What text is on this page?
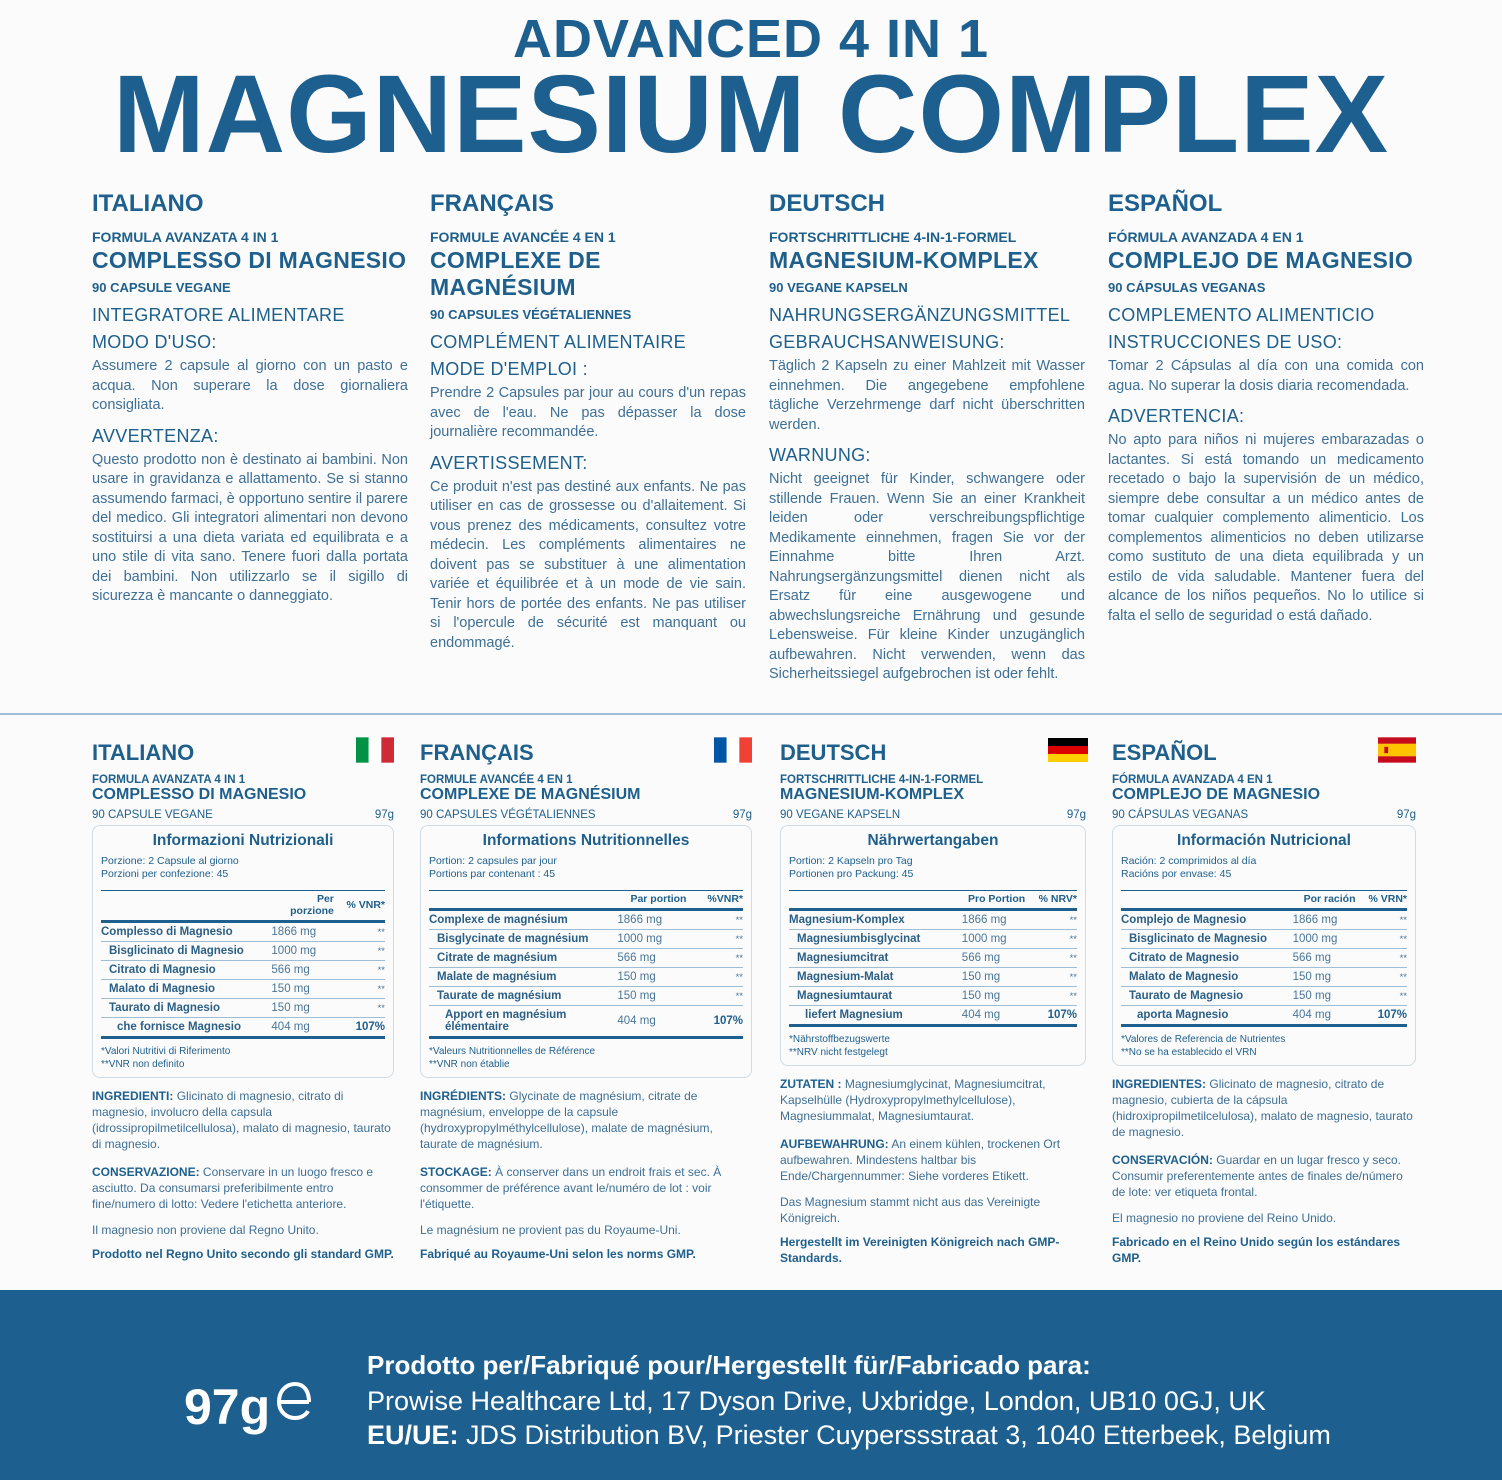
ADVANCED 4 IN 1
MAGNESIUM COMPLEX
ITALIANO
FORMULA AVANZATA 4 IN 1
COMPLESSO DI MAGNESIO
90 CAPSULE VEGANE
INTEGRATORE ALIMENTARE
MODO D'USO:
Assumere 2 capsule al giorno con un pasto e acqua. Non superare la dose giornaliera consigliata.
AVVERTENZA:
Questo prodotto non è destinato ai bambini. Non usare in gravidanza e allattamento. Se si stanno assumendo farmaci, è opportuno sentire il parere del medico. Gli integratori alimentari non devono sostituirsi a una dieta variata ed equilibrata e a uno stile di vita sano. Tenere fuori dalla portata dei bambini. Non utilizzarlo se il sigillo di sicurezza è mancante o danneggiato.
FRANÇAIS
FORMULE AVANCÉE 4 EN 1
COMPLEXE DE MAGNÉSIUM
90 CAPSULES VÉGÉTALIENNES
COMPLÉMENT ALIMENTAIRE
MODE D'EMPLOI :
Prendre 2 Capsules par jour au cours d'un repas avec de l'eau. Ne pas dépasser la dose journalière recommandée.
AVERTISSEMENT:
Ce produit n'est pas destiné aux enfants. Ne pas utiliser en cas de grossesse ou d'allaitement. Si vous prenez des médicaments, consultez votre médecin. Les compléments alimentaires ne doivent pas se substituer à une alimentation variée et équilibrée et à un mode de vie sain. Tenir hors de portée des enfants. Ne pas utiliser si l'opercule de sécurité est manquant ou endommagé.
DEUTSCH
FORTSCHRITTLICHE 4-IN-1-FORMEL
MAGNESIUM-KOMPLEX
90 VEGANE KAPSELN
NAHRUNGSERGÄNZUNGSMITTEL
GEBRAUCHSANWEISUNG:
Täglich 2 Kapseln zu einer Mahlzeit mit Wasser einnehmen. Die angegebene empfohlene tägliche Verzehrmenge darf nicht überschritten werden.
WARNUNG:
Nicht geeignet für Kinder, schwangere oder stillende Frauen. Wenn Sie an einer Krankheit leiden oder verschreibungspflichtige Medikamente einnehmen, fragen Sie vor der Einnahme bitte Ihren Arzt. Nahrungsergänzungsmittel dienen nicht als Ersatz für eine ausgewogene und abwechslungsreiche Ernährung und gesunde Lebensweise. Für kleine Kinder unzugänglich aufbewahren. Nicht verwenden, wenn das Sicherheitssiegel aufgebrochen ist oder fehlt.
ESPAÑOL
FÓRMULA AVANZADA 4 EN 1
COMPLEJO DE MAGNESIO
90 CÁPSULAS VEGANAS
COMPLEMENTO ALIMENTICIO
INSTRUCCIONES DE USO:
Tomar 2 Cápsulas al día con una comida con agua. No superar la dosis diaria recomendada.
ADVERTENCIA:
No apto para niños ni mujeres embarazadas o lactantes. Si está tomando un medicamento recetado o bajo la supervisión de un médico, siempre debe consultar a un médico antes de tomar cualquier complemento alimenticio. Los complementos alimenticios no deben utilizarse como sustituto de una dieta equilibrada y un estilo de vida saludable. Mantener fuera del alcance de los niños pequeños. No lo utilice si falta el sello de seguridad o está dañado.
ITALIANO
FORMULA AVANZATA 4 IN 1
COMPLESSO DI MAGNESIO
90 CAPSULE VEGANE	97g
Informazioni Nutrizionali
Porzione: 2 Capsule al giorno
Porzioni per confezione: 45
	Per porzione	% VNR*
Complesso di Magnesio	1866 mg	**
Bisglicinato di Magnesio	1000 mg	**
Citrato di Magnesio	566 mg	**
Malato di Magnesio	150 mg	**
Taurato di Magnesio	150 mg	**
che fornisce Magnesio	404 mg	107%
*Valori Nutritivi di Riferimento
**VNR non definito
INGREDIENTI: Glicinato di magnesio, citrato di magnesio, involucro della capsula (idrossipropilmetilcellulosa), malato di magnesio, taurato di magnesio.
CONSERVAZIONE: Conservare in un luogo fresco e asciutto. Da consumarsi preferibilmente entro fine/numero di lotto: Vedere l'etichetta anteriore.
Il magnesio non proviene dal Regno Unito.
Prodotto nel Regno Unito secondo gli standard GMP.
FRANÇAIS
FORMULE AVANCÉE 4 EN 1
COMPLEXE DE MAGNÉSIUM
90 CAPSULES VÉGÉTALIENNES	97g
Informations Nutritionnelles
Portion: 2 capsules par jour
Portions par contenant : 45
	Par portion	%VNR*
Complexe de magnésium	1866 mg	**
Bisglycinate de magnésium	1000 mg	**
Citrate de magnésium	566 mg	**
Malate de magnésium	150 mg	**
Taurate de magnésium	150 mg	**
Apport en magnésium élémentaire	404 mg	107%
*Valeurs Nutritionnelles de Référence
**VNR non établie
INGRÉDIENTS: Glycinate de magnésium, citrate de magnésium, enveloppe de la capsule (hydroxypropylméthylcellulose), malate de magnésium, taurate de magnésium.
STOCKAGE: À conserver dans un endroit frais et sec. À consommer de préférence avant le/numéro de lot : voir l'étiquette.
Le magnésium ne provient pas du Royaume-Uni.
Fabriqué au Royaume-Uni selon les norms GMP.
DEUTSCH
FORTSCHRITTLICHE 4-IN-1-FORMEL
MAGNESIUM-KOMPLEX
90 VEGANE KAPSELN	97g
Nährwertangaben
Portion: 2 Kapseln pro Tag
Portionen pro Packung: 45
	Pro Portion	% NRV*
Magnesium-Komplex	1866 mg	**
Magnesiumbisglycinat	1000 mg	**
Magnesiumcitrat	566 mg	**
Magnesium-Malat	150 mg	**
Magnesiumtaurat	150 mg	**
liefert Magnesium	404 mg	107%
*Nährstoffbezugswerte
**NRV nicht festgelegt
ZUTATEN : Magnesiumglycinat, Magnesiumcitrat, Kapselhülle (Hydroxypropylmethylcellulose), Magnesiummalat, Magnesiumtaurat.
AUFBEWAHRUNG: An einem kühlen, trockenen Ort aufbewahren. Mindestens haltbar bis Ende/Chargennummer: Siehe vorderes Etikett.
Das Magnesium stammt nicht aus das Vereinigte Königreich.
Hergestellt im Vereinigten Königreich nach GMP-Standards.
ESPAÑOL
FÓRMULA AVANZADA 4 EN 1
COMPLEJO DE MAGNESIO
90 CÁPSULAS VEGANAS	97g
Información Nutricional
Ración: 2 comprimidos al día
Racións por envase: 45
	Por ración	% VRN*
Complejo de Magnesio	1866 mg	**
Bisglicinato de Magnesio	1000 mg	**
Citrato de Magnesio	566 mg	**
Malato de Magnesio	150 mg	**
Taurato de Magnesio	150 mg	**
aporta Magnesio	404 mg	107%
*Valores de Referencia de Nutrientes
**No se ha establecido el VRN
INGREDIENTES: Glicinato de magnesio, citrato de magnesio, cubierta de la cápsula (hidroxipropilmetilcelulosa), malato de magnesio, taurato de magnesio.
CONSERVACIÓN: Guardar en un lugar fresco y seco. Consumir preferentemente antes de finales de/número de lote: ver etiqueta frontal.
El magnesio no proviene del Reino Unido.
Fabricado en el Reino Unido según los estándares GMP.
97g
Prodotto per/Fabriqué pour/Hergestellt für/Fabricado para:
Prowise Healthcare Ltd, 17 Dyson Drive, Uxbridge, London, UB10 0GJ, UK
EU/UE: JDS Distribution BV, Priester Cuyperssstraat 3, 1040 Etterbeek, Belgium
